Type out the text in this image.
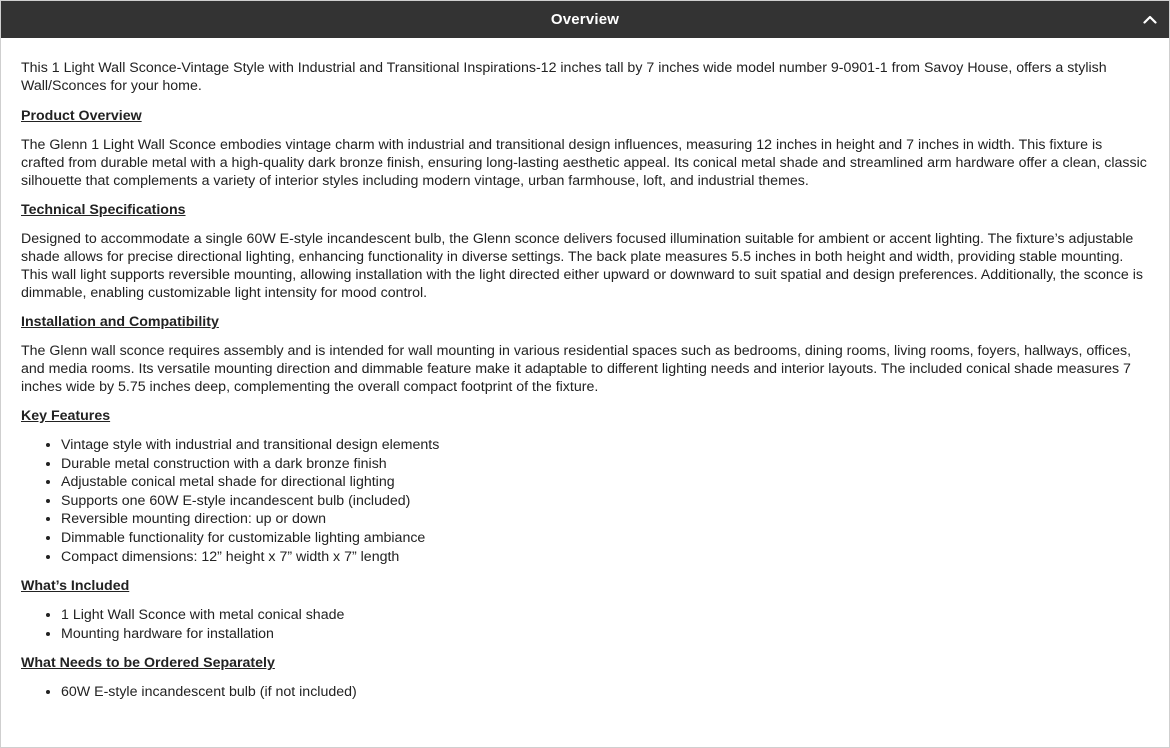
Overview

This 1 Light Wall Sconce-Vintage Style with Industrial and Transitional Inspirations-12 inches tall by 7 inches wide model number 9-0901-1 from Savoy House, offers a stylish Wall/Sconces for your home.

Product Overview

The Glenn 1 Light Wall Sconce embodies vintage charm with industrial and transitional design influences, measuring 12 inches in height and 7 inches in width. This fixture is crafted from durable metal with a high-quality dark bronze finish, ensuring long-lasting aesthetic appeal. Its conical metal shade and streamlined arm hardware offer a clean, classic silhouette that complements a variety of interior styles including modern vintage, urban farmhouse, loft, and industrial themes.

Technical Specifications

Designed to accommodate a single 60W E-style incandescent bulb, the Glenn sconce delivers focused illumination suitable for ambient or accent lighting. The fixture’s adjustable shade allows for precise directional lighting, enhancing functionality in diverse settings. The back plate measures 5.5 inches in both height and width, providing stable mounting. This wall light supports reversible mounting, allowing installation with the light directed either upward or downward to suit spatial and design preferences. Additionally, the sconce is dimmable, enabling customizable light intensity for mood control.

Installation and Compatibility

The Glenn wall sconce requires assembly and is intended for wall mounting in various residential spaces such as bedrooms, dining rooms, living rooms, foyers, hallways, offices, and media rooms. Its versatile mounting direction and dimmable feature make it adaptable to different lighting needs and interior layouts. The included conical shade measures 7 inches wide by 5.75 inches deep, complementing the overall compact footprint of the fixture.

Key Features
• Vintage style with industrial and transitional design elements
• Durable metal construction with a dark bronze finish
• Adjustable conical metal shade for directional lighting
• Supports one 60W E-style incandescent bulb (included)
• Reversible mounting direction: up or down
• Dimmable functionality for customizable lighting ambiance
• Compact dimensions: 12” height x 7” width x 7” length
What’s Included
• 1 Light Wall Sconce with metal conical shade
• Mounting hardware for installation
What Needs to be Ordered Separately
• 60W E-style incandescent bulb (if not included)
